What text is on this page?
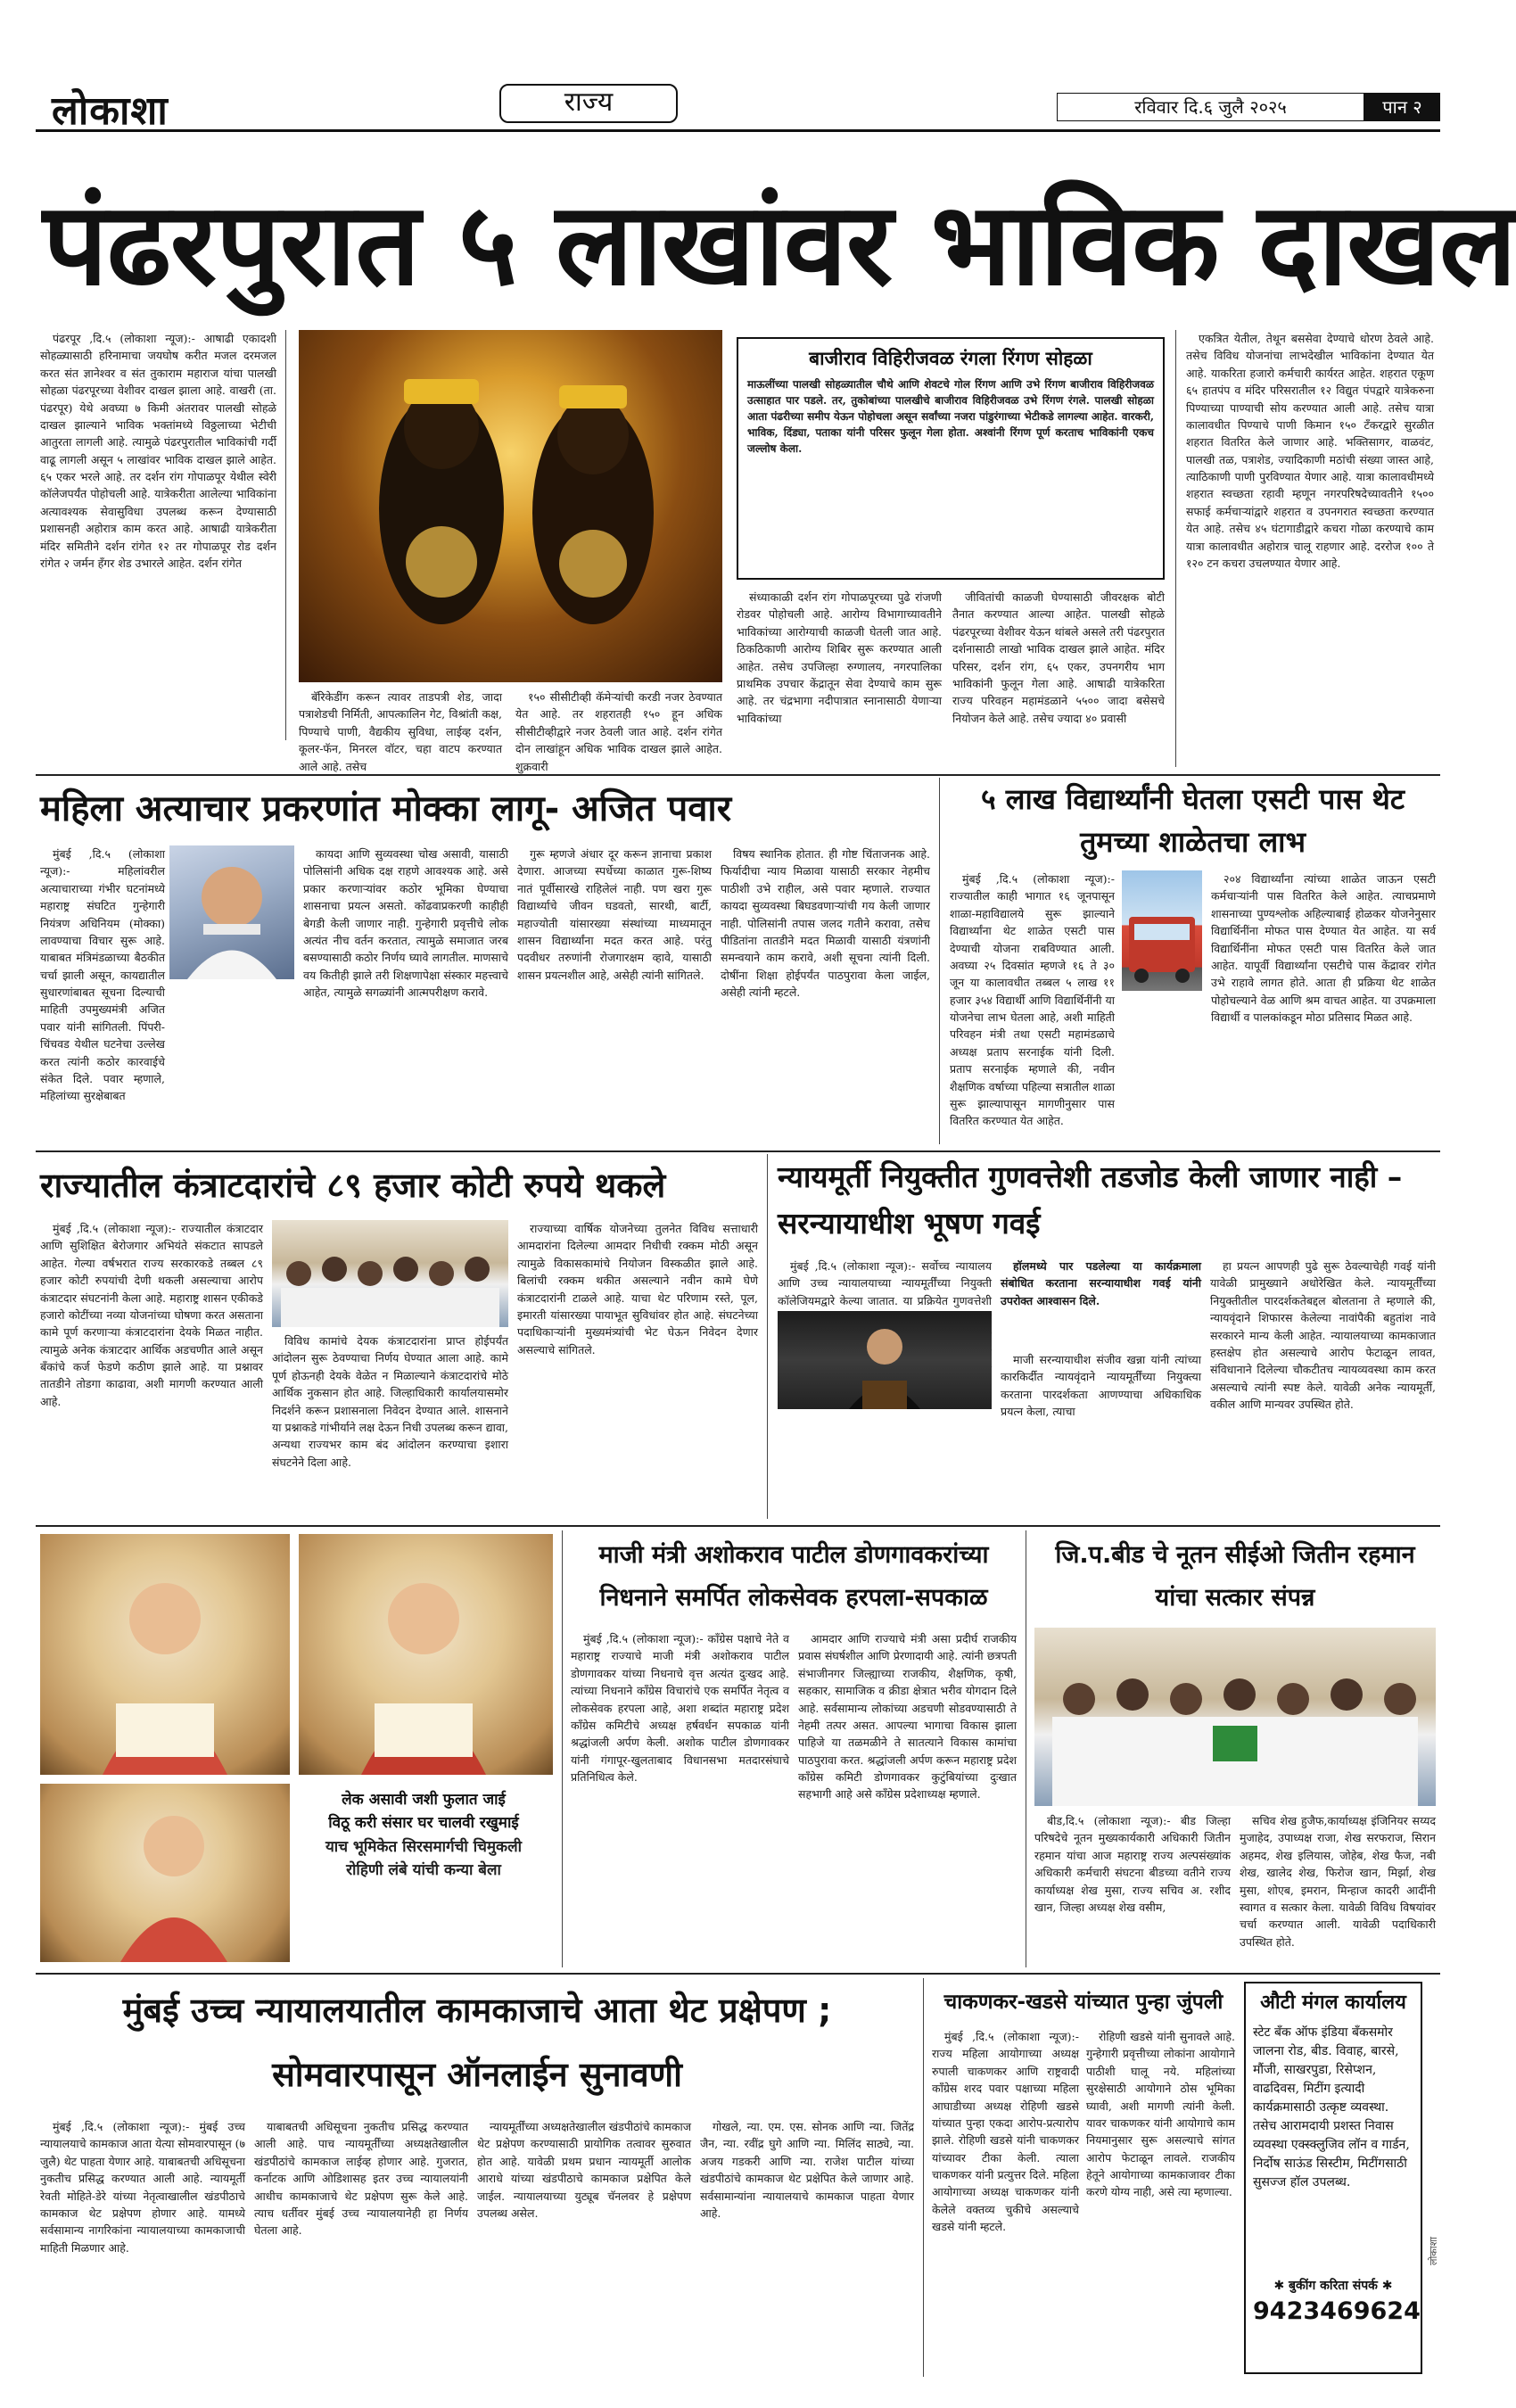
लोकाशा	राज्य	रविवार दि.६ जुलै २०२५	पान २
पंढरपुरात ५ लाखांवर भाविक दाखल

पंढरपूर ,दि.५ (लोकाशा न्यूज):- आषाढी एकादशी सोहळ्यासाठी हरिनामाचा जयघोष करीत मजल दरमजल करत संत ज्ञानेश्वर व संत तुकाराम महाराज यांचा पालखी सोहळा पंढरपूरच्या वेशीवर दाखल झाला आहे. वाखरी (ता. पंढरपूर) येथे अवघ्या ७ किमी अंतरावर पालखी सोहळे दाखल झाल्याने भाविक भक्तांमध्ये विठ्ठलाच्या भेटीची आतुरता लागली आहे. त्यामुळे पंढरपुरातील भाविकांची गर्दी वाढू लागली असून ५ लाखांवर भाविक दाखल झाले आहेत. ६५ एकर भरले आहे. तर दर्शन रांग गोपाळपूर येथील स्वेरी कॉलेजपर्यंत पोहोचली आहे. यात्रेकरीता आलेल्या भाविकांना अत्यावश्यक सेवासुविधा उपलब्ध करून देण्यासाठी प्रशासनही अहोरात्र काम करत आहे. आषाढी यात्रेकरीता मंदिर समितीने दर्शन रांगेत १२ तर गोपाळपूर रोड दर्शन रांगेत २ जर्मन हँगर शेड उभारले आहेत. दर्शन रांगेत

बॅरिकेडींग करून त्यावर ताडपत्री शेड, जादा पत्राशेडची निर्मिती, आपत्कालिन गेट, विश्रांती कक्ष, पिण्याचे पाणी, वैद्यकीय सुविधा, लाईव्ह दर्शन, कूलर-फॅन, मिनरल वॉटर, चहा वाटप करण्यात आले आहे. तसेच

१५० सीसीटीव्ही कॅमेऱ्यांची करडी नजर ठेवण्यात येत आहे. तर शहरातही १५० हून अधिक सीसीटीव्हीद्वारे नजर ठेवली जात आहे. दर्शन रांगेत दोन लाखांहून अधिक भाविक दाखल झाले आहेत. शुक्रवारी

बाजीराव विहिरीजवळ रंगला रिंगण सोहळा
माऊलींच्या पालखी सोहळ्यातील चौथे आणि शेवटचे गोल रिंगण आणि उभे रिंगण बाजीराव विहिरीजवळ उत्साहात पार पडले. तर, तुकोबांच्या पालखीचे बाजीराव विहिरीजवळ उभे रिंगण रंगले. पालखी सोहळा आता पंढरीच्या समीप येऊन पोहोचला असून सर्वांच्या नजरा पांडुरंगाच्या भेटीकडे लागल्या आहेत. वारकरी, भाविक, दिंड्या, पताका यांनी परिसर फुलून गेला होता. अश्वांनी रिंगण पूर्ण करताच भाविकांनी एकच जल्लोष केला.

संध्याकाळी दर्शन रांग गोपाळपूरच्या पुढे रांजणी रोडवर पोहोचली आहे. आरोग्य विभागाच्यावतीने भाविकांच्या आरोग्याची काळजी घेतली जात आहे. ठिकठिकाणी आरोग्य शिबिर सुरू करण्यात आली आहेत. तसेच उपजिल्हा रुग्णालय, नगरपालिका प्राथमिक उपचार केंद्रातून सेवा देण्याचे काम सुरू आहे. तर चंद्रभागा नदीपात्रात स्नानासाठी येणाऱ्या भाविकांच्या

जीवितांची काळजी घेण्यासाठी जीवरक्षक बोटी तैनात करण्यात आल्या आहेत. पालखी सोहळे पंढरपूरच्या वेशीवर येऊन थांबले असले तरी पंढरपुरात दर्शनासाठी लाखो भाविक दाखल झाले आहेत. मंदिर परिसर, दर्शन रांग, ६५ एकर, उपनगरीय भाग भाविकांनी फुलून गेला आहे. आषाढी यात्रेकरिता राज्य परिवहन महामंडळाने ५५०० जादा बसेसचे नियोजन केले आहे. तसेच ज्यादा ४० प्रवासी

एकत्रित येतील, तेथून बससेवा देण्याचे धोरण ठेवले आहे. तसेच विविध योजनांचा लाभदेखील भाविकांना देण्यात येत आहे. याकरिता हजारो कर्मचारी कार्यरत आहेत. शहरात एकूण ६५ हातपंप व मंदिर परिसरातील १२ विद्युत पंपद्वारे यात्रेकरुना पिण्याच्या पाण्याची सोय करण्यात आली आहे. तसेच यात्रा कालावधीत पिण्याचे पाणी किमान १५० टँकरद्वारे सुरळीत शहरात वितरित केले जाणार आहे. भक्तिसागर, वाळवंट, पालखी तळ, पत्राशेड, ज्यादिकाणी मठांची संख्या जास्त आहे, त्याठिकाणी पाणी पुरविण्यात येणार आहे. यात्रा कालावधीमध्ये शहरात स्वच्छता रहावी म्हणून नगरपरिषदेच्यावतीने १५०० सफाई कर्मचाऱ्यांद्वारे शहरात व उपनगरात स्वच्छता करण्यात येत आहे. तसेच ४५ घंटागाडीद्वारे कचरा गोळा करण्याचे काम यात्रा कालावधीत अहोरात्र चालू राहणार आहे. दररोज १०० ते १२० टन कचरा उचलण्यात येणार आहे.

महिला अत्याचार प्रकरणांत मोक्का लागू- अजित पवार

मुंबई ,दि.५ (लोकाशा न्यूज):- महिलांवरील अत्याचाराच्या गंभीर घटनांमध्ये महाराष्ट्र संघटित गुन्हेगारी नियंत्रण अधिनियम (मोक्का) लावण्याचा विचार सुरू आहे. याबाबत मंत्रिमंडळाच्या बैठकीत चर्चा झाली असून, कायद्यातील सुधारणांबाबत सूचना दिल्याची माहिती उपमुख्यमंत्री अजित पवार यांनी सांगितली. पिंपरी-चिंचवड येथील घटनेचा उल्लेख करत त्यांनी कठोर कारवाईचे संकेत दिले. पवार म्हणाले, महिलांच्या सुरक्षेबाबत

कायदा आणि सुव्यवस्था चोख असावी, यासाठी पोलिसांनी अधिक दक्ष राहणे आवश्यक आहे. असे प्रकार करणाऱ्यांवर कठोर भूमिका घेण्याचा शासनाचा प्रयत्न असतो. कोंढवाप्रकरणी काहीही बेगडी केली जाणार नाही. गुन्हेगारी प्रवृत्तीचे लोक अत्यंत नीच वर्तन करतात, त्यामुळे समाजात जरब बसण्यासाठी कठोर निर्णय घ्यावे लागतील. माणसाचे वय कितीही झाले तरी शिक्षणापेक्षा संस्कार महत्त्वाचे आहेत, त्यामुळे सगळ्यांनी आत्मपरीक्षण करावे.

गुरू म्हणजे अंधार दूर करून ज्ञानाचा प्रकाश देणारा. आजच्या स्पर्धेच्या काळात गुरू-शिष्य नातं पूर्वीसारखे राहिलेलं नाही. पण खरा गुरू विद्यार्थ्याचे जीवन घडवतो, सारथी, बार्टी, महाज्योती यांसारख्या संस्थांच्या माध्यमातून शासन विद्यार्थ्यांना मदत करत आहे. परंतु पदवीधर तरुणांनी रोजगारक्षम व्हावे, यासाठी शासन प्रयत्नशील आहे, असेही त्यांनी सांगितले.

विषय स्थानिक होतात. ही गोष्ट चिंताजनक आहे. फिर्यादीचा न्याय मिळावा यासाठी सरकार नेहमीच पाठीशी उभे राहील, असे पवार म्हणाले. राज्यात कायदा सुव्यवस्था बिघडवणाऱ्यांची गय केली जाणार नाही. पोलिसांनी तपास जलद गतीने करावा, तसेच पीडितांना तातडीने मदत मिळावी यासाठी यंत्रणांनी समन्वयाने काम करावे, अशी सूचना त्यांनी दिली. दोषींना शिक्षा होईपर्यंत पाठपुरावा केला जाईल, असेही त्यांनी म्हटले.

५ लाख विद्यार्थ्यांनी घेतला एसटी पास थेट तुमच्या शाळेतचा लाभ

मुंबई ,दि.५ (लोकाशा न्यूज):- राज्यातील काही भागात १६ जूनपासून शाळा-महाविद्यालये सुरू झाल्याने विद्यार्थ्यांना थेट शाळेत एसटी पास देण्याची योजना राबविण्यात आली. अवघ्या २५ दिवसांत म्हणजे १६ ते ३० जून या कालावधीत तब्बल ५ लाख ११ हजार ३५४ विद्यार्थी आणि विद्यार्थिनींनी या योजनेचा लाभ घेतला आहे, अशी माहिती परिवहन मंत्री तथा एसटी महामंडळाचे अध्यक्ष प्रताप सरनाईक यांनी दिली. प्रताप सरनाईक म्हणाले की, नवीन शैक्षणिक वर्षाच्या पहिल्या सत्रातील शाळा सुरू झाल्यापासून मागणीनुसार पास वितरित करण्यात येत आहेत.

२०४ विद्यार्थ्यांना त्यांच्या शाळेत जाऊन एसटी कर्मचाऱ्यांनी पास वितरित केले आहेत. त्याचप्रमाणे शासनाच्या पुण्यश्लोक अहिल्याबाई होळकर योजनेनुसार विद्यार्थिनींना मोफत पास देण्यात येत आहेत. या सर्व विद्यार्थिनींना मोफत एसटी पास वितरित केले जात आहेत. यापूर्वी विद्यार्थ्यांना एसटीचे पास केंद्रावर रांगेत उभे राहावे लागत होते. आता ही प्रक्रिया थेट शाळेत पोहोचल्याने वेळ आणि श्रम वाचत आहेत. या उपक्रमाला विद्यार्थी व पालकांकडून मोठा प्रतिसाद मिळत आहे.

राज्यातील कंत्राटदारांचे ८९ हजार कोटी रुपये थकले

मुंबई ,दि.५ (लोकाशा न्यूज):- राज्यातील कंत्राटदार आणि सुशिक्षित बेरोजगार अभियंते संकटात सापडले आहेत. गेल्या वर्षभरात राज्य सरकारकडे तब्बल ८९ हजार कोटी रुपयांची देणी थकली असल्याचा आरोप कंत्राटदार संघटनांनी केला आहे. महाराष्ट्र शासन एकीकडे हजारो कोटींच्या नव्या योजनांच्या घोषणा करत असताना कामे पूर्ण करणाऱ्या कंत्राटदारांना देयके मिळत नाहीत. त्यामुळे अनेक कंत्राटदार आर्थिक अडचणीत आले असून बँकांचे कर्ज फेडणे कठीण झाले आहे. या प्रश्नावर तातडीने तोडगा काढावा, अशी मागणी करण्यात आली आहे.

विविध कामांचे देयक कंत्राटदारांना प्राप्त होईपर्यंत आंदोलन सुरू ठेवण्याचा निर्णय घेण्यात आला आहे. कामे पूर्ण होऊनही देयके वेळेत न मिळाल्याने कंत्राटदारांचे मोठे आर्थिक नुकसान होत आहे. जिल्हाधिकारी कार्यालयासमोर निदर्शने करून प्रशासनाला निवेदन देण्यात आले. शासनाने या प्रश्नाकडे गांभीर्याने लक्ष देऊन निधी उपलब्ध करून द्यावा, अन्यथा राज्यभर काम बंद आंदोलन करण्याचा इशारा संघटनेने दिला आहे.

राज्याच्या वार्षिक योजनेच्या तुलनेत विविध सत्ताधारी आमदारांना दिलेल्या आमदार निधीची रक्कम मोठी असून त्यामुळे विकासकामांचे नियोजन विस्कळीत झाले आहे. बिलांची रक्कम थकीत असल्याने नवीन कामे घेणे कंत्राटदारांनी टाळले आहे. याचा थेट परिणाम रस्ते, पूल, इमारती यांसारख्या पायाभूत सुविधांवर होत आहे. संघटनेच्या पदाधिकाऱ्यांनी मुख्यमंत्र्यांची भेट घेऊन निवेदन देणार असल्याचे सांगितले.

न्यायमूर्ती नियुक्तीत गुणवत्तेशी तडजोड केली जाणार नाही –सरन्यायाधीश भूषण गवई

मुंबई ,दि.५ (लोकाशा न्यूज):- सर्वोच्च न्यायालय आणि उच्च न्यायालयाच्या न्यायमूर्तींच्या नियुक्ती कॉलेजियमद्वारे केल्या जातात. या प्रक्रियेत गुणवत्तेशी

हॉलमध्ये पार पडलेल्या या कार्यक्रमाला संबोधित करताना सरन्यायाधीश गवई यांनी उपरोक्त आश्वासन दिले.

माजी सरन्यायाधीश संजीव खन्ना यांनी त्यांच्या कारकिर्दीत न्यायवृंदाने न्यायमूर्तींच्या नियुक्त्या करताना पारदर्शकता आणण्याचा अधिकाधिक प्रयत्न केला, त्याचा

हा प्रयत्न आपणही पुढे सुरू ठेवल्याचेही गवई यांनी यावेळी प्रामुख्याने अधोरेखित केले. न्यायमूर्तींच्या नियुक्तीतील पारदर्शकतेबद्दल बोलताना ते म्हणाले की, न्यायवृंदाने शिफारस केलेल्या नावांपैकी बहुतांश नावे सरकारने मान्य केली आहेत. न्यायालयाच्या कामकाजात हस्तक्षेप होत असल्याचे आरोप फेटाळून लावत, संविधानाने दिलेल्या चौकटीतच न्यायव्यवस्था काम करत असल्याचे त्यांनी स्पष्ट केले. यावेळी अनेक न्यायमूर्ती, वकील आणि मान्यवर उपस्थित होते.

लेक असावी जशी फुलात जाई
विठू करी संसार घर चालवी रखुमाई
याच भूमिकेत सिरसमार्गची चिमुकली
रोहिणी लंबे यांची कन्या बेला
माजी मंत्री अशोकराव पाटील डोणगावकरांच्या निधनाने समर्पित लोकसेवक हरपला-सपकाळ

मुंबई ,दि.५ (लोकाशा न्यूज):- काँग्रेस पक्षाचे नेते व महाराष्ट्र राज्याचे माजी मंत्री अशोकराव पाटील डोणगावकर यांच्या निधनाचे वृत्त अत्यंत दुःखद आहे. त्यांच्या निधनाने काँग्रेस विचारांचे एक समर्पित नेतृत्व व लोकसेवक हरपला आहे, अशा शब्दांत महाराष्ट्र प्रदेश काँग्रेस कमिटीचे अध्यक्ष हर्षवर्धन सपकाळ यांनी श्रद्धांजली अर्पण केली. अशोक पाटील डोणगावकर यांनी गंगापूर-खुलताबाद विधानसभा मतदारसंघाचे प्रतिनिधित्व केले.

आमदार आणि राज्याचे मंत्री असा प्रदीर्घ राजकीय प्रवास संघर्षशील आणि प्रेरणादायी आहे. त्यांनी छत्रपती संभाजीनगर जिल्ह्याच्या राजकीय, शैक्षणिक, कृषी, सहकार, सामाजिक व क्रीडा क्षेत्रात भरीव योगदान दिले आहे. सर्वसामान्य लोकांच्या अडचणी सोडवण्यासाठी ते नेहमी तत्पर असत. आपल्या भागाचा विकास झाला पाहिजे या तळमळीने ते सातत्याने विकास कामांचा पाठपुरावा करत. श्रद्धांजली अर्पण करून महाराष्ट्र प्रदेश काँग्रेस कमिटी डोणगावकर कुटुंबियांच्या दुःखात सहभागी आहे असे काँग्रेस प्रदेशाध्यक्ष म्हणाले.

जि.प.बीड चे नूतन सीईओ जितीन रहमान यांचा सत्कार संपन्न

बीड,दि.५ (लोकाशा न्यूज):- बीड जिल्हा परिषदेचे नूतन मुख्यकार्यकारी अधिकारी जितीन रहमान यांचा आज महाराष्ट्र राज्य अल्पसंख्यांक अधिकारी कर्मचारी संघटना बीडच्या वतीने राज्य कार्याध्यक्ष शेख मुसा, राज्य सचिव अ. रशीद खान, जिल्हा अध्यक्ष शेख वसीम,

सचिव शेख हुजैफ,कार्याध्यक्ष इंजिनियर सय्यद मुजाहेद, उपाध्यक्ष राजा, शेख सरफराज, सिरान अहमद, शेख इलियास, जोहेब, शेख फैज, नबी शेख, खालेद शेख, फिरोज खान, मिर्झा, शेख मुसा, शोएब, इमरान, मिन्हाज कादरी आदींनी स्वागत व सत्कार केला. यावेळी विविध विषयांवर चर्चा करण्यात आली. यावेळी पदाधिकारी उपस्थित होते.

मुंबई उच्च न्यायालयातील कामकाजाचे आता थेट प्रक्षेपण ; सोमवारपासून ऑनलाईन सुनावणी

मुंबई ,दि.५ (लोकाशा न्यूज):- मुंबई उच्च न्यायालयाचे कामकाज आता येत्या सोमवारपासून (७ जुलै) थेट पाहता येणार आहे. याबाबतची अधिसूचना नुकतीच प्रसिद्ध करण्यात आली आहे. न्यायमूर्ती रेवती मोहिते-डेरे यांच्या नेतृत्वाखालील खंडपीठाचे कामकाज थेट प्रक्षेपण होणार आहे. यामध्ये सर्वसामान्य नागरिकांना न्यायालयाच्या कामकाजाची माहिती मिळणार आहे.

याबाबतची अधिसूचना नुकतीच प्रसिद्ध करण्यात आली आहे. पाच न्यायमूर्तींच्या अध्यक्षतेखालील खंडपीठांचे कामकाज लाईव्ह होणार आहे. गुजरात, कर्नाटक आणि ओडिशासह इतर उच्च न्यायालयांनी आधीच कामकाजाचे थेट प्रक्षेपण सुरू केले आहे. त्याच धर्तीवर मुंबई उच्च न्यायालयानेही हा निर्णय घेतला आहे.

न्यायमूर्तींच्या अध्यक्षतेखालील खंडपीठांचे कामकाज थेट प्रक्षेपण करण्यासाठी प्रायोगिक तत्वावर सुरुवात होत आहे. यावेळी प्रथम प्रधान न्यायमूर्ती आलोक आराधे यांच्या खंडपीठाचे कामकाज प्रक्षेपित केले जाईल. न्यायालयाच्या युट्यूब चॅनलवर हे प्रक्षेपण उपलब्ध असेल.

गोखले, न्या. एम. एस. सोनक आणि न्या. जितेंद्र जैन, न्या. रवींद्र घुगे आणि न्या. मिलिंद साठ्ये, न्या. अजय गडकरी आणि न्या. राजेश पाटील यांच्या खंडपीठांचे कामकाज थेट प्रक्षेपित केले जाणार आहे. सर्वसामान्यांना न्यायालयाचे कामकाज पाहता येणार आहे.

चाकणकर-खडसे यांच्यात पुन्हा जुंपली

मुंबई ,दि.५ (लोकाशा न्यूज):- राज्य महिला आयोगाच्या अध्यक्ष रुपाली चाकणकर आणि राष्ट्रवादी काँग्रेस शरद पवार पक्षाच्या महिला आघाडीच्या अध्यक्ष रोहिणी खडसे यांच्यात पुन्हा एकदा आरोप-प्रत्यारोप झाले. रोहिणी खडसे यांनी चाकणकर यांच्यावर टीका केली. त्याला चाकणकर यांनी प्रत्युत्तर दिले. महिला आयोगाच्या अध्यक्ष चाकणकर यांनी केलेले वक्तव्य चुकीचे असल्याचे खडसे यांनी म्हटले.

रोहिणी खडसे यांनी सुनावले आहे. गुन्हेगारी प्रवृत्तीच्या लोकांना आयोगाने पाठीशी घालू नये. महिलांच्या सुरक्षेसाठी आयोगाने ठोस भूमिका घ्यावी, अशी मागणी त्यांनी केली. यावर चाकणकर यांनी आयोगाचे काम नियमानुसार सुरू असल्याचे सांगत आरोप फेटाळून लावले. राजकीय हेतूने आयोगाच्या कामकाजावर टीका करणे योग्य नाही, असे त्या म्हणाल्या.

औटी मंगल कार्यालय
स्टेट बँक ऑफ इंडिया बँकसमोर जालना रोड, बीड. विवाह, बारसे, मौंजी, साखरपुडा, रिसेप्शन, वाढदिवस, मिटींग इत्यादी कार्यक्रमासाठी उत्कृष्ट व्यवस्था. तसेच आरामदायी प्रशस्त निवास व्यवस्था एक्स्क्लुजिव लॉन व गार्डन, निर्दोष साऊंड सिस्टीम, मिटींगसाठी सुसज्ज हॉल उपलब्ध.
✱ बुकींग करिता संपर्क ✱
9423469624
लोकाशा
